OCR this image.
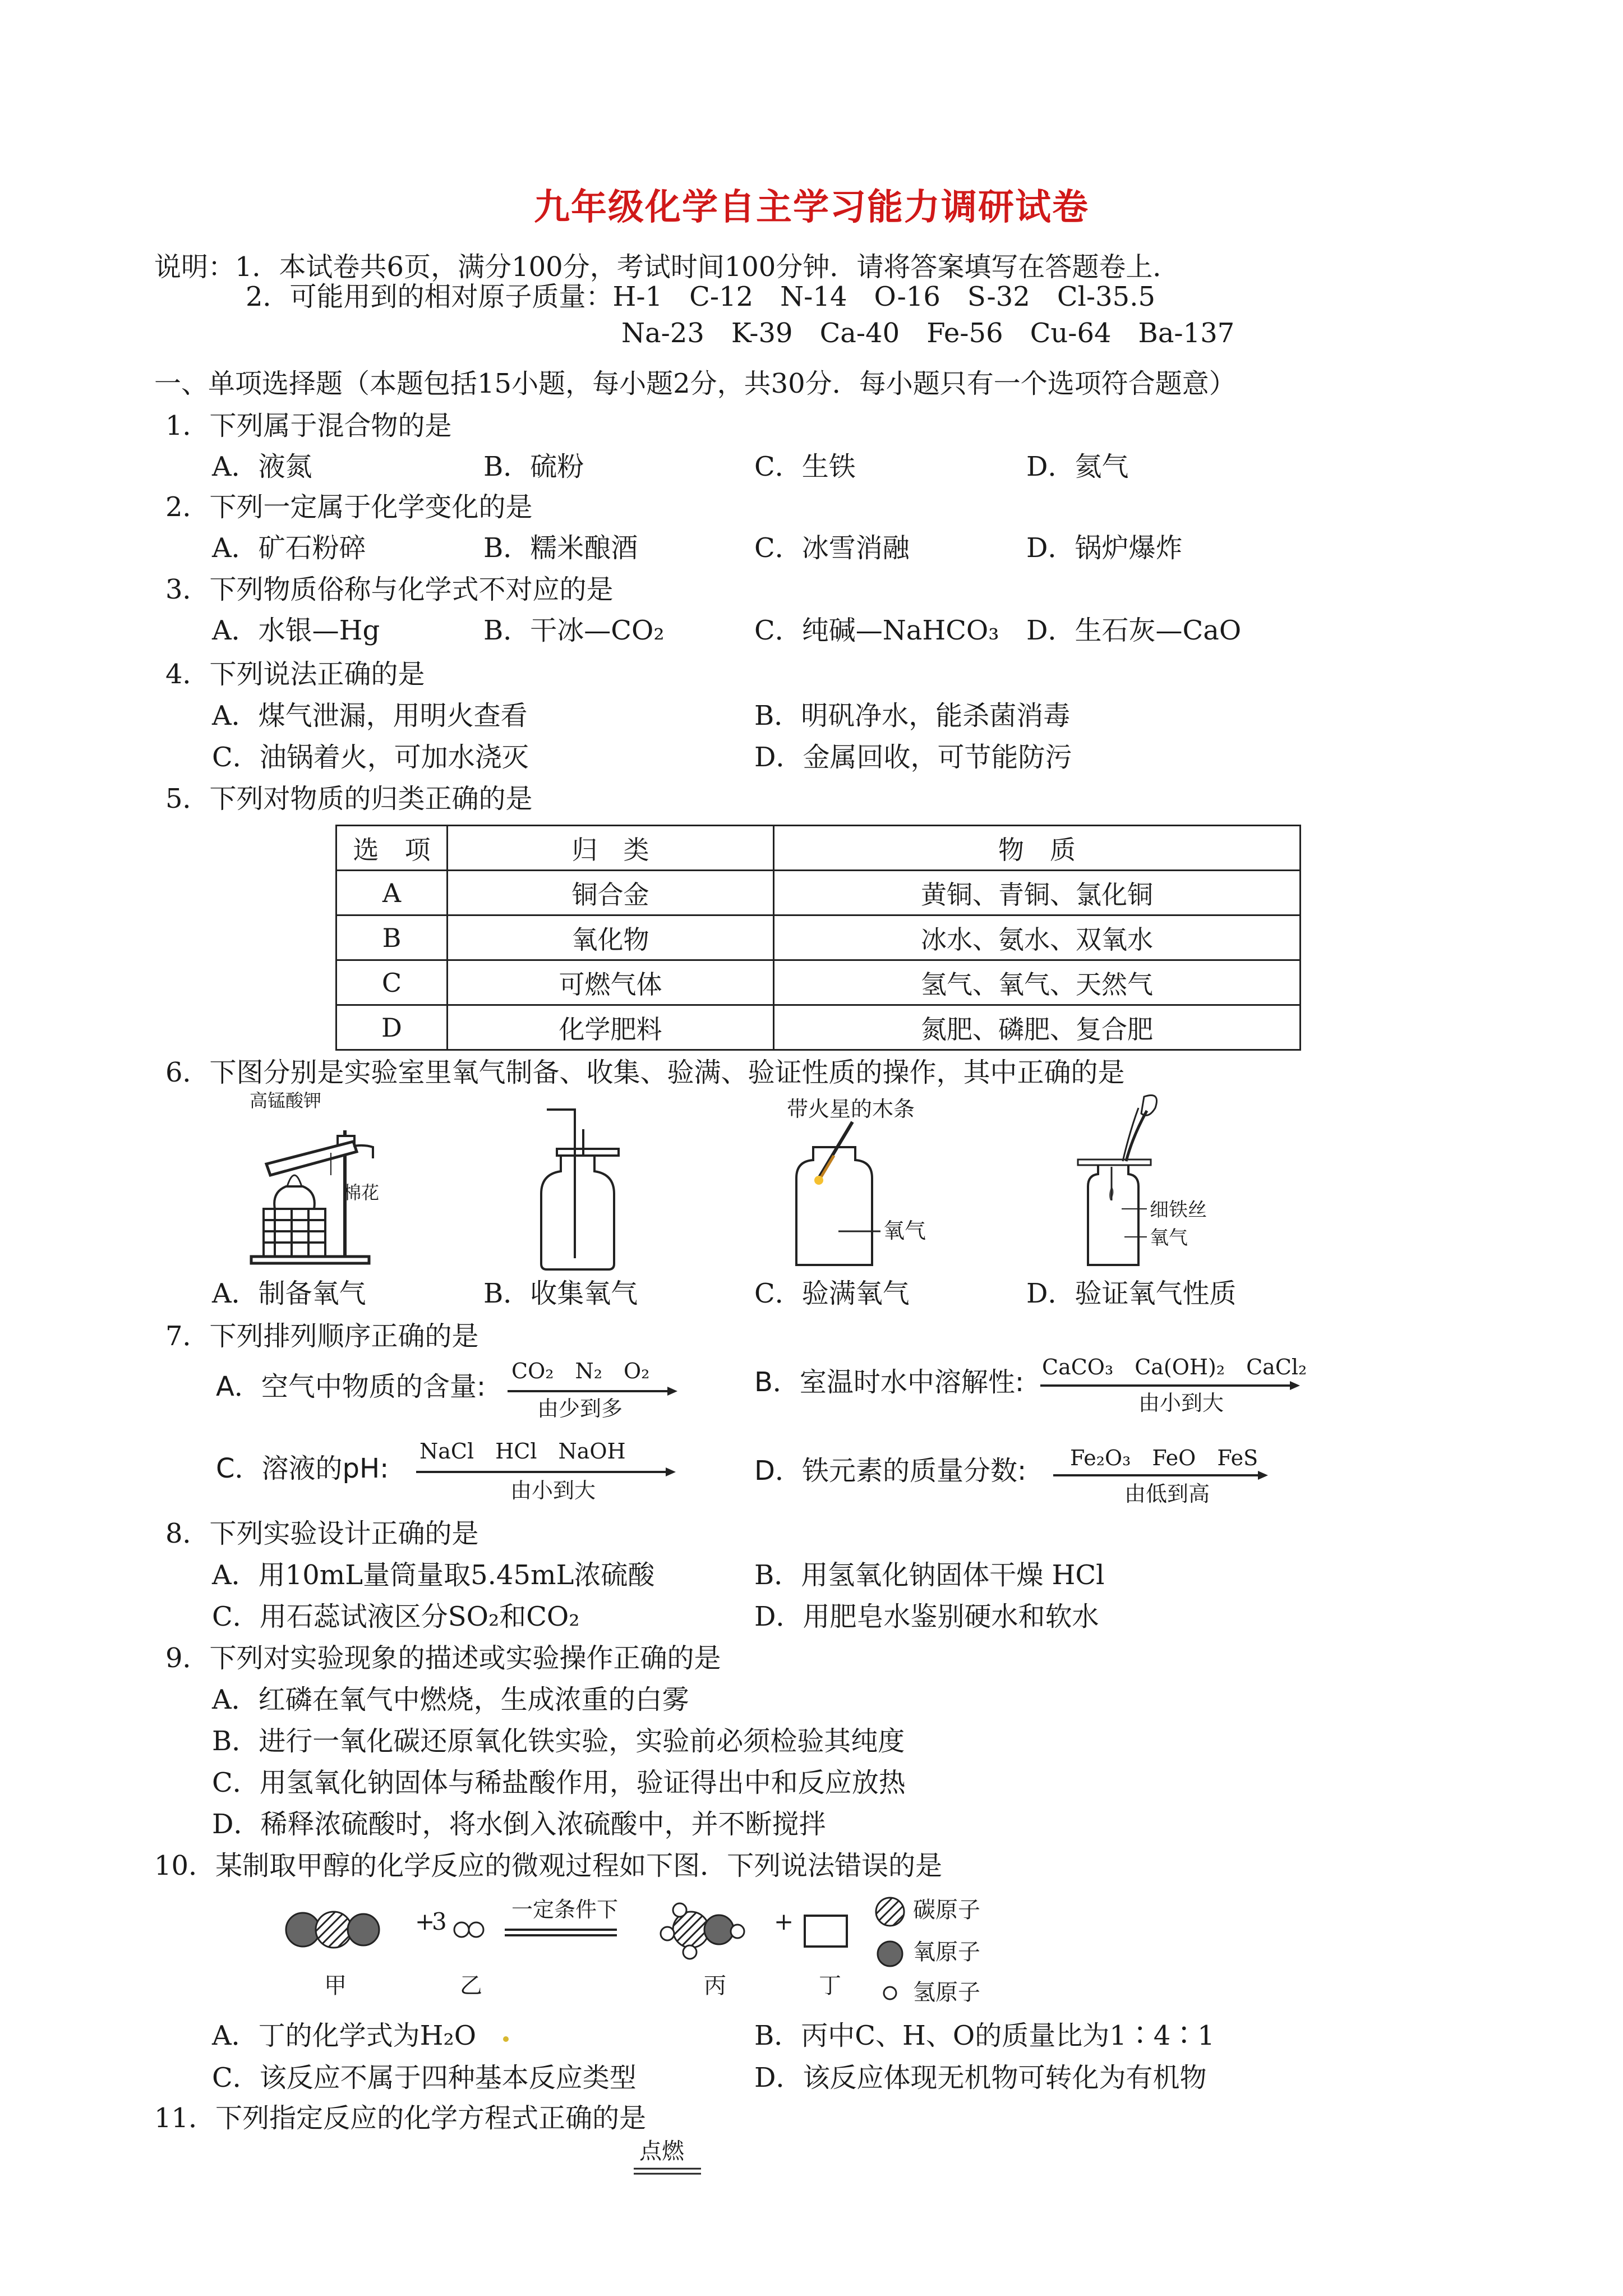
九年级化学自主学习能力调研试卷
说明：1．本试卷共6页，满分100分，考试时间100分钟．请将答案填写在答题卷上．
2．可能用到的相对原子质量：H-1　C-12　N-14　O-16　S-32　Cl-35.5
Na-23　K-39　Ca-40　Fe-56　Cu-64　Ba-137
一、单项选择题（本题包括15小题，每小题2分，共30分．每小题只有一个选项符合题意）
1．下列属于混合物的是
A．液氮	B．硫粉	C．生铁	D．氦气
2．下列一定属于化学变化的是
A．矿石粉碎	B．糯米酿酒	C．冰雪消融	D．锅炉爆炸
3．下列物质俗称与化学式不对应的是
A．水银—Hg	B．干冰—CO₂	C．纯碱—NaHCO₃ D．生石灰—CaO
4．下列说法正确的是
A．煤气泄漏，用明火查看	B．明矾净水，能杀菌消毒
C．油锅着火，可加水浇灭	D．金属回收，可节能防污
5．下列对物质的归类正确的是
选　项	归　类	物　质
A	铜合金	黄铜、青铜、氯化铜
B	氧化物	冰水、氨水、双氧水
C	可燃气体	氢气、氧气、天然气
D	化学肥料	氮肥、磷肥、复合肥
6．下图分别是实验室里氧气制备、收集、验满、验证性质的操作，其中正确的是
高锰酸钾
棉花
带火星的木条
氧气
细铁丝
氧气
A．制备氧气	B．收集氧气	C．验满氧气	D．验证氧气性质
7．下列排列顺序正确的是
A．空气中物质的含量: CO₂　N₂　O₂
由少到多
B．室温时水中溶解性: CaCO₃　Ca(OH)₂　CaCl₂
由小到大
C．溶液的pH:
NaCl　HCl　NaOH
由小到大
D．铁元素的质量分数: Fe₂O₃　FeO　FeS
由低到高
8．下列实验设计正确的是
A．用10mL量筒量取5.45mL浓硫酸	B．用氢氧化钠固体干燥 HCl
C．用石蕊试液区分SO₂和CO₂	D．用肥皂水鉴别硬水和软水
9．下列对实验现象的描述或实验操作正确的是
A．红磷在氧气中燃烧，生成浓重的白雾
B．进行一氧化碳还原氧化铁实验，实验前必须检验其纯度
C．用氢氧化钠固体与稀盐酸作用，验证得出中和反应放热
D．稀释浓硫酸时，将水倒入浓硫酸中，并不断搅拌
10．某制取甲醇的化学反应的微观过程如下图．下列说法错误的是
+
3	一定条件下	+	碳原子
氧原子
氢原子
甲	乙	丙	丁
A．丁的化学式为H₂O	B．丙中C、H、O的质量比为1∶4∶1
C．该反应不属于四种基本反应类型	D．该反应体现无机物可转化为有机物
11．下列指定反应的化学方程式正确的是
点燃
